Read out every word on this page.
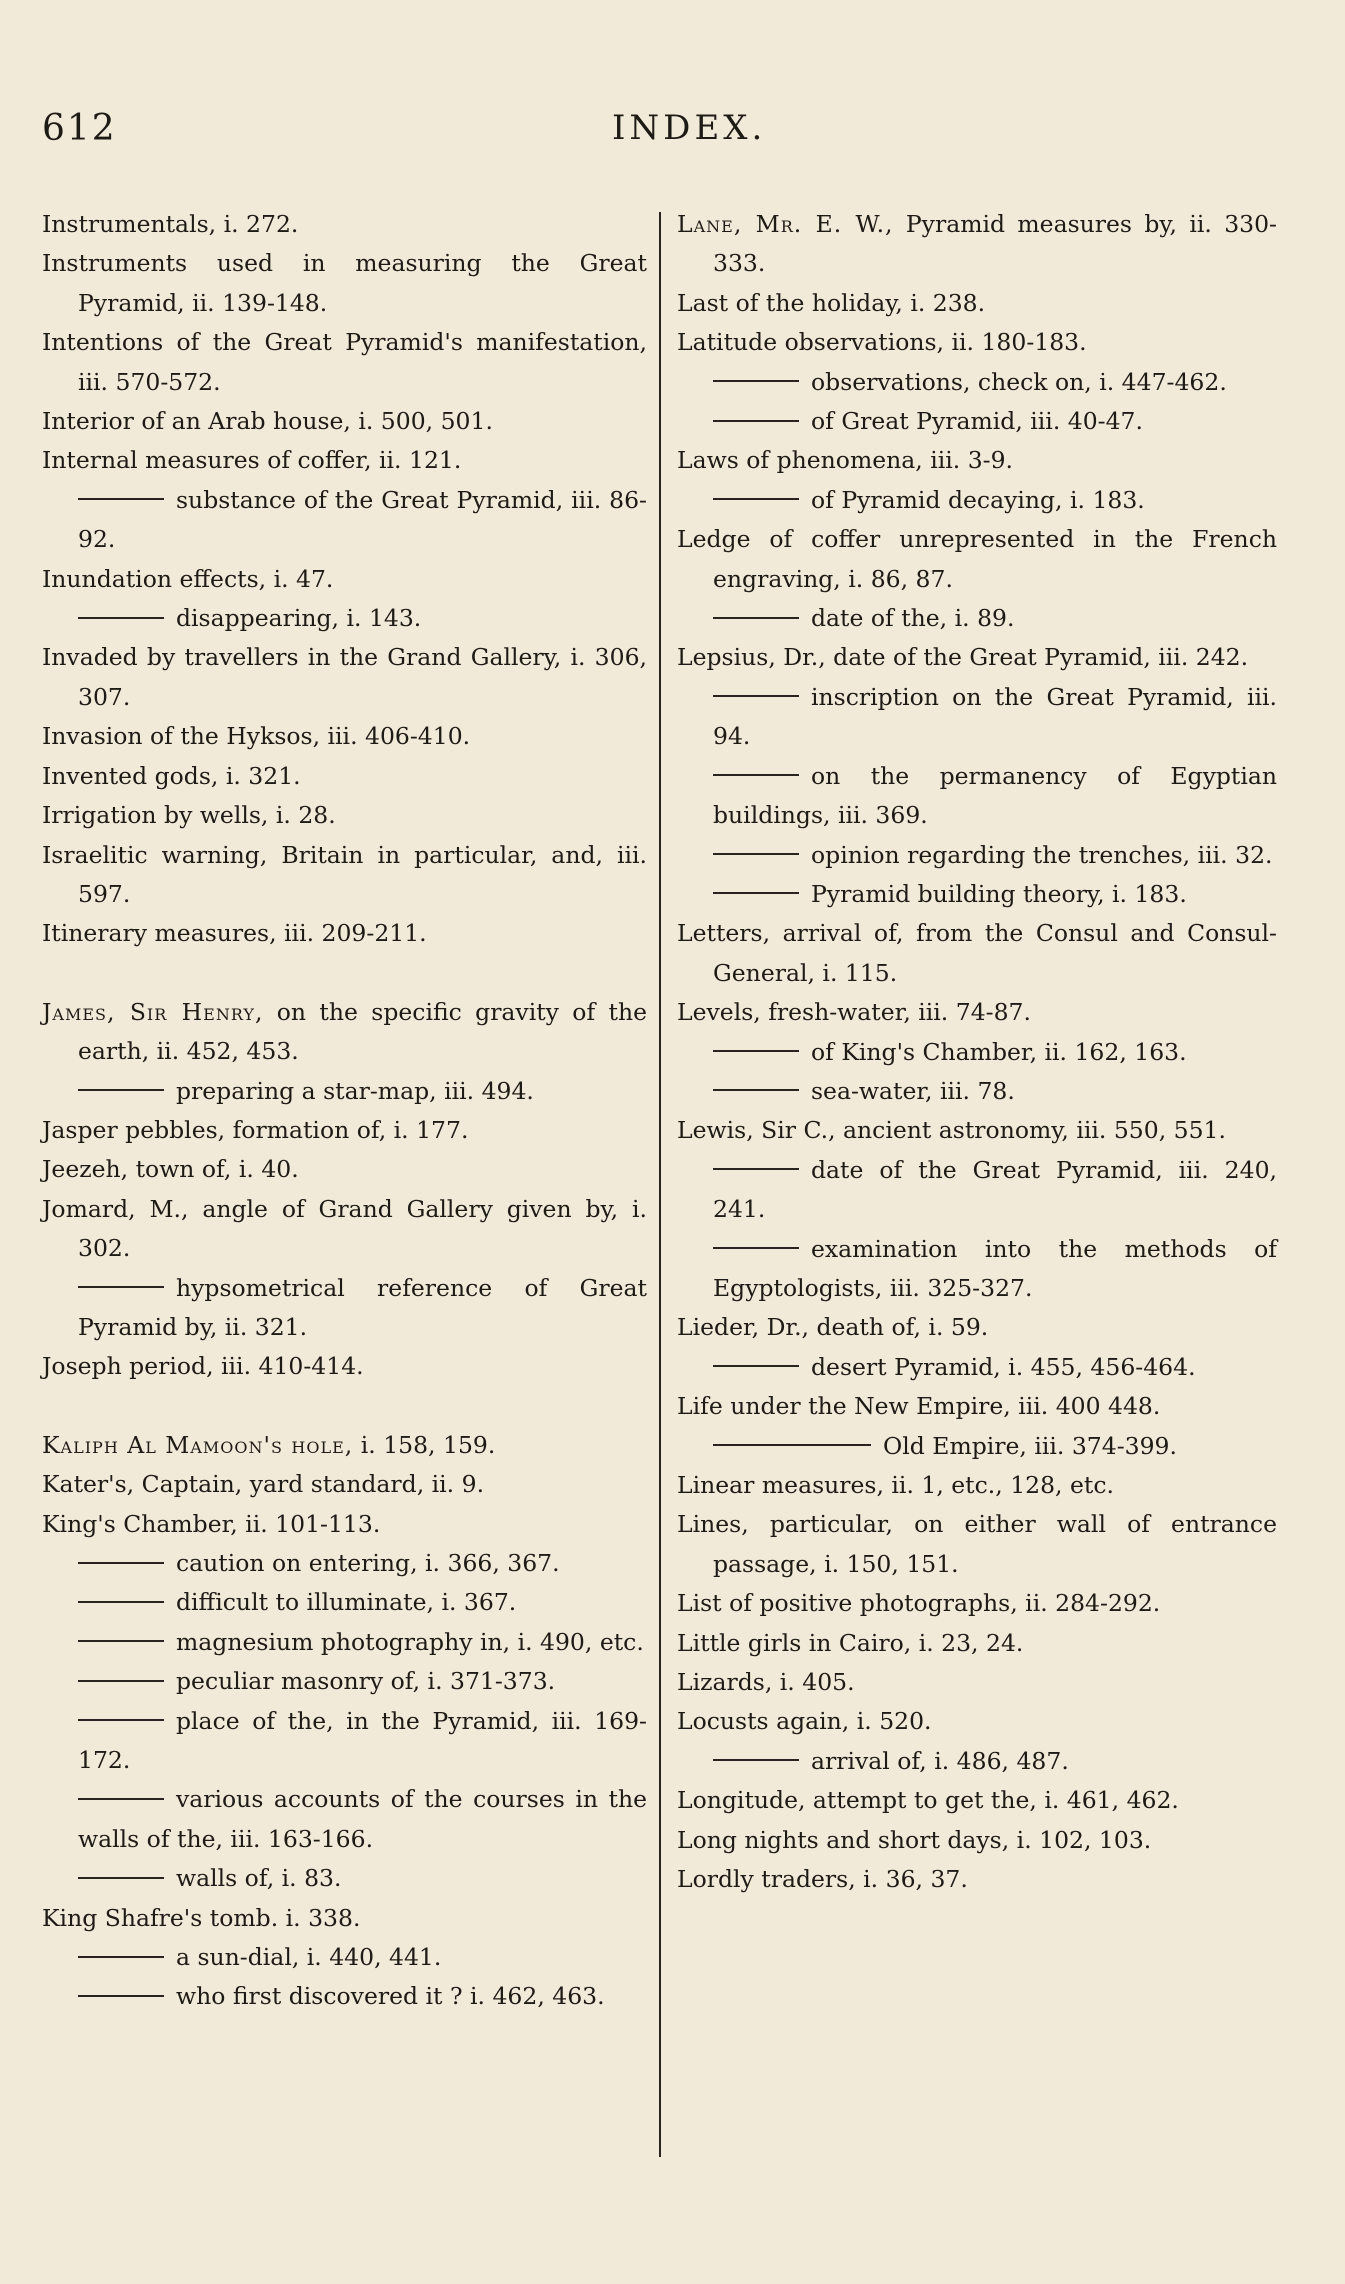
612	INDEX.
Instrumentals, i. 272.
Instruments used in measuring the Great Pyramid, ii. 139-148.
Intentions of the Great Pyramid's manifestation, iii. 570-572.
Interior of an Arab house, i. 500, 501.
Internal measures of coffer, ii. 121.
substance of the Great Pyramid, iii. 86-92.
Inundation effects, i. 47.
disappearing, i. 143.
Invaded by travellers in the Grand Gallery, i. 306, 307.
Invasion of the Hyksos, iii. 406-410.
Invented gods, i. 321.
Irrigation by wells, i. 28.
Israelitic warning, Britain in particular, and, iii. 597.
Itinerary measures, iii. 209-211.
James, Sir Henry, on the specific gravity of the earth, ii. 452, 453.
preparing a star-map, iii. 494.
Jasper pebbles, formation of, i. 177.
Jeezeh, town of, i. 40.
Jomard, M., angle of Grand Gallery given by, i. 302.
hypsometrical reference of Great Pyramid by, ii. 321.
Joseph period, iii. 410-414.
Kaliph Al Mamoon's hole, i. 158, 159.
Kater's, Captain, yard standard, ii. 9.
King's Chamber, ii. 101-113.
caution on entering, i. 366, 367.
difficult to illuminate, i. 367.
magnesium photography in, i. 490, etc.
peculiar masonry of, i. 371-373.
place of the, in the Pyramid, iii. 169-172.
various accounts of the courses in the walls of the, iii. 163-166.
walls of, i. 83.
King Shafre's tomb. i. 338.
a sun-dial, i. 440, 441.
who first discovered it ? i. 462, 463.
Lane, Mr. E. W., Pyramid measures by, ii. 330-333.
Last of the holiday, i. 238.
Latitude observations, ii. 180-183.
observations, check on, i. 447-462.
of Great Pyramid, iii. 40-47.
Laws of phenomena, iii. 3-9.
of Pyramid decaying, i. 183.
Ledge of coffer unrepresented in the French engraving, i. 86, 87.
date of the, i. 89.
Lepsius, Dr., date of the Great Pyramid, iii. 242.
inscription on the Great Pyramid, iii. 94.
on the permanency of Egyptian buildings, iii. 369.
opinion regarding the trenches, iii. 32.
Pyramid building theory, i. 183.
Letters, arrival of, from the Consul and Consul-General, i. 115.
Levels, fresh-water, iii. 74-87.
of King's Chamber, ii. 162, 163.
sea-water, iii. 78.
Lewis, Sir C., ancient astronomy, iii. 550, 551.
date of the Great Pyramid, iii. 240, 241.
examination into the methods of Egyptologists, iii. 325-327.
Lieder, Dr., death of, i. 59.
desert Pyramid, i. 455, 456-464.
Life under the New Empire, iii. 400 448.
Old Empire, iii. 374-399.
Linear measures, ii. 1, etc., 128, etc.
Lines, particular, on either wall of entrance passage, i. 150, 151.
List of positive photographs, ii. 284-292.
Little girls in Cairo, i. 23, 24.
Lizards, i. 405.
Locusts again, i. 520.
arrival of, i. 486, 487.
Longitude, attempt to get the, i. 461, 462.
Long nights and short days, i. 102, 103.
Lordly traders, i. 36, 37.
